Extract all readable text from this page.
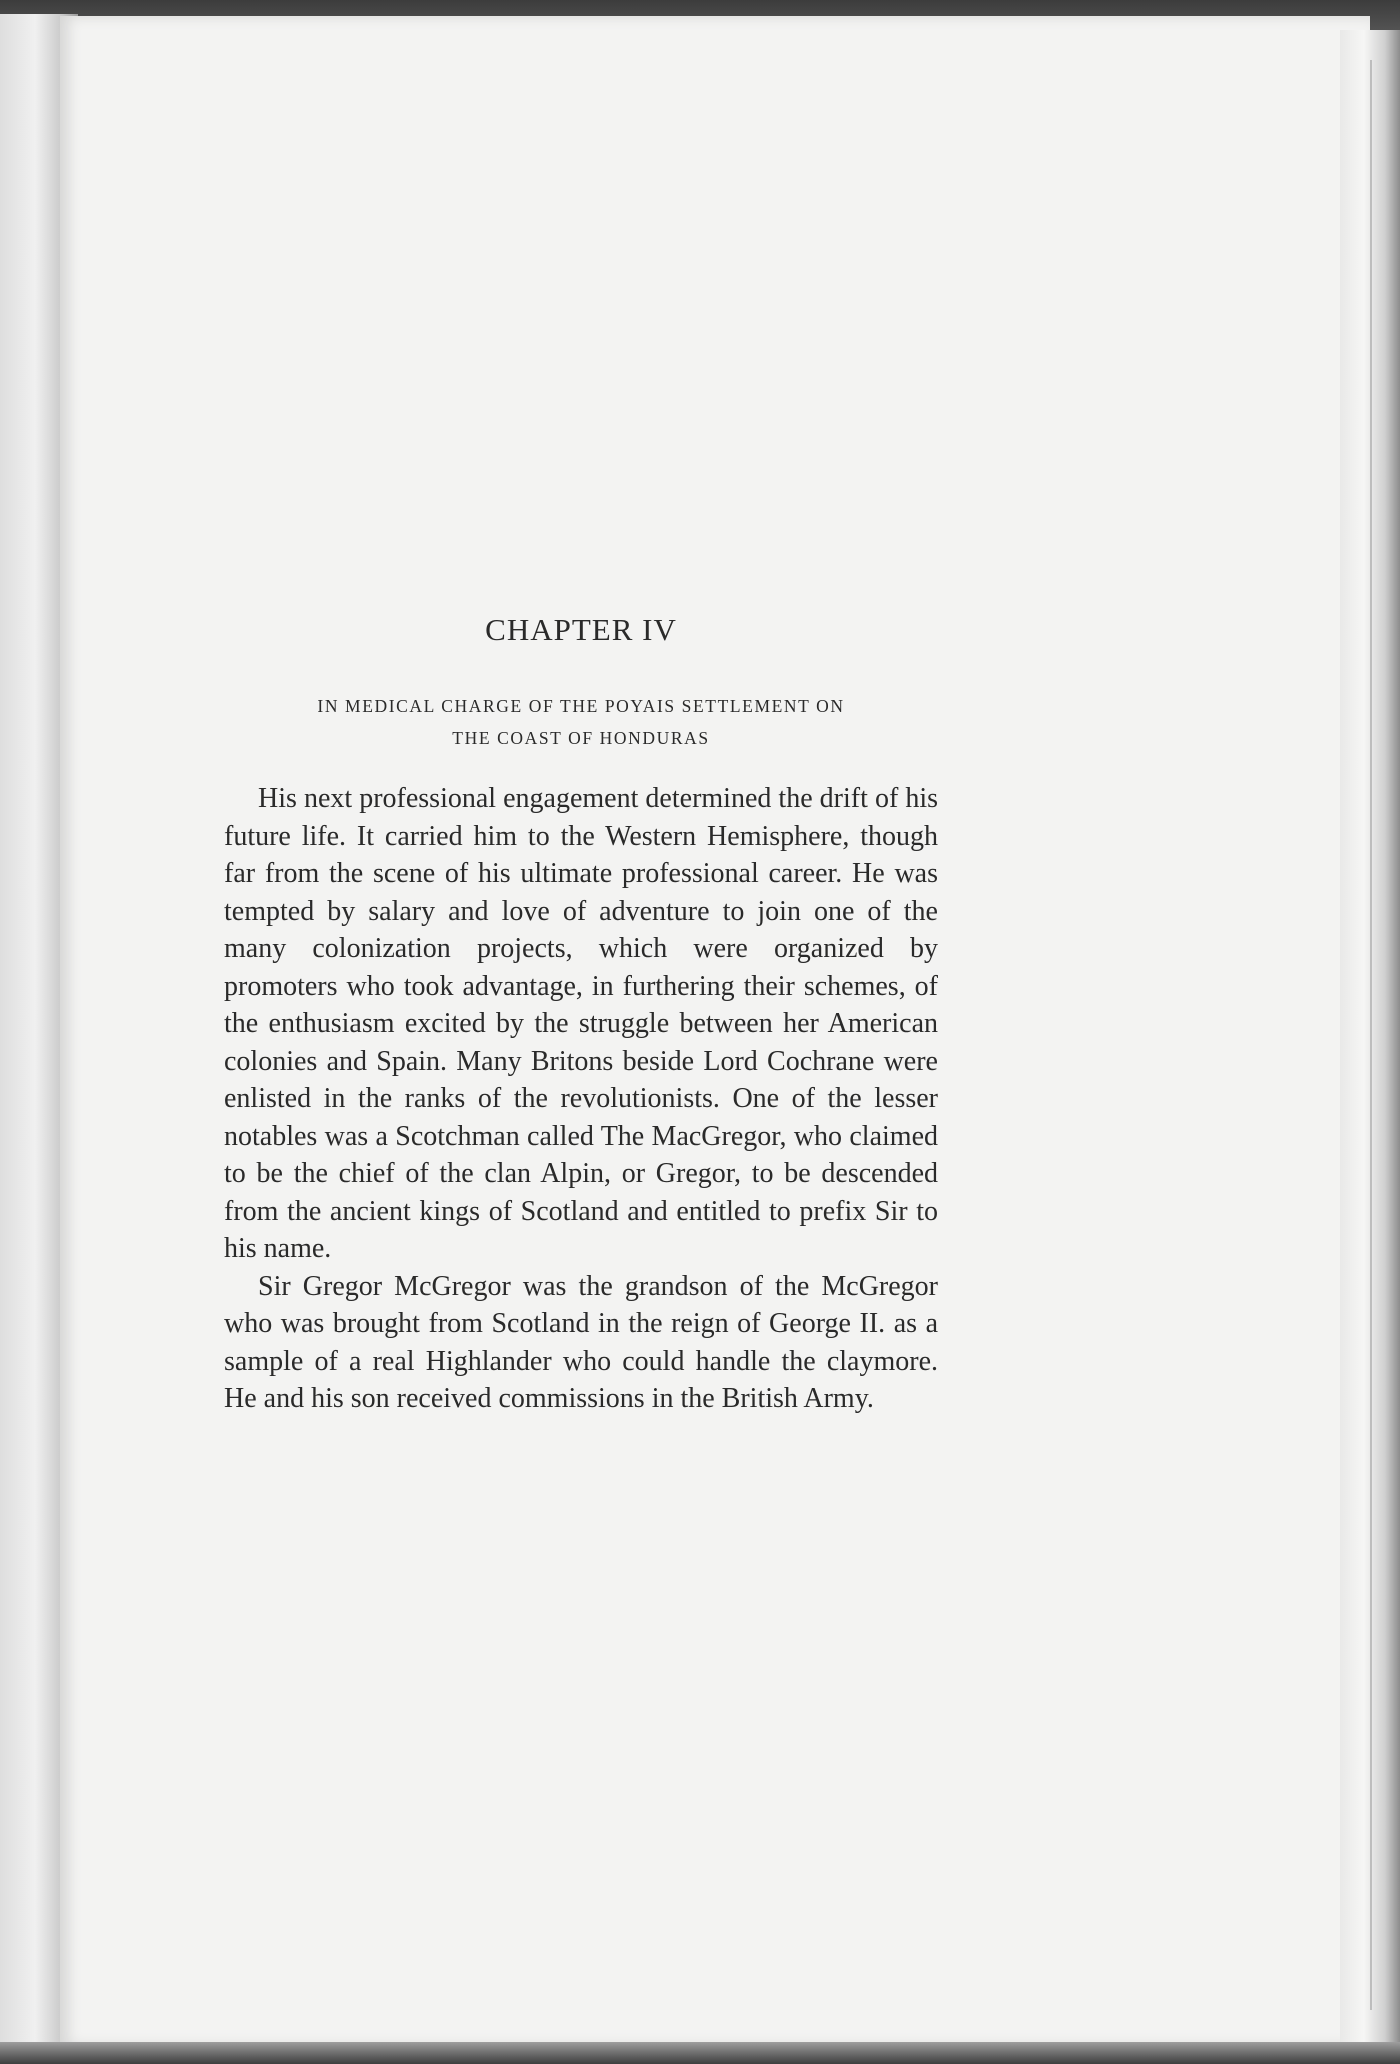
CHAPTER IV
IN MEDICAL CHARGE OF THE POYAIS SETTLEMENT ON
THE COAST OF HONDURAS

His next professional engagement determined the drift of his future life. It carried him to the Western Hemisphere, though far from the scene of his ultimate professional career. He was tempted by salary and love of adventure to join one of the many colonization projects, which were organized by promoters who took advantage, in furthering their schemes, of the enthusiasm excited by the struggle between her American colonies and Spain. Many Britons beside Lord Cochrane were enlisted in the ranks of the revolutionists. One of the lesser notables was a Scotchman called The MacGregor, who claimed to be the chief of the clan Alpin, or Gregor, to be descended from the ancient kings of Scotland and entitled to prefix Sir to his name.

Sir Gregor McGregor was the grandson of the McGregor who was brought from Scotland in the reign of George II. as a sample of a real Highlander who could handle the claymore. He and his son received commissions in the British Army.
